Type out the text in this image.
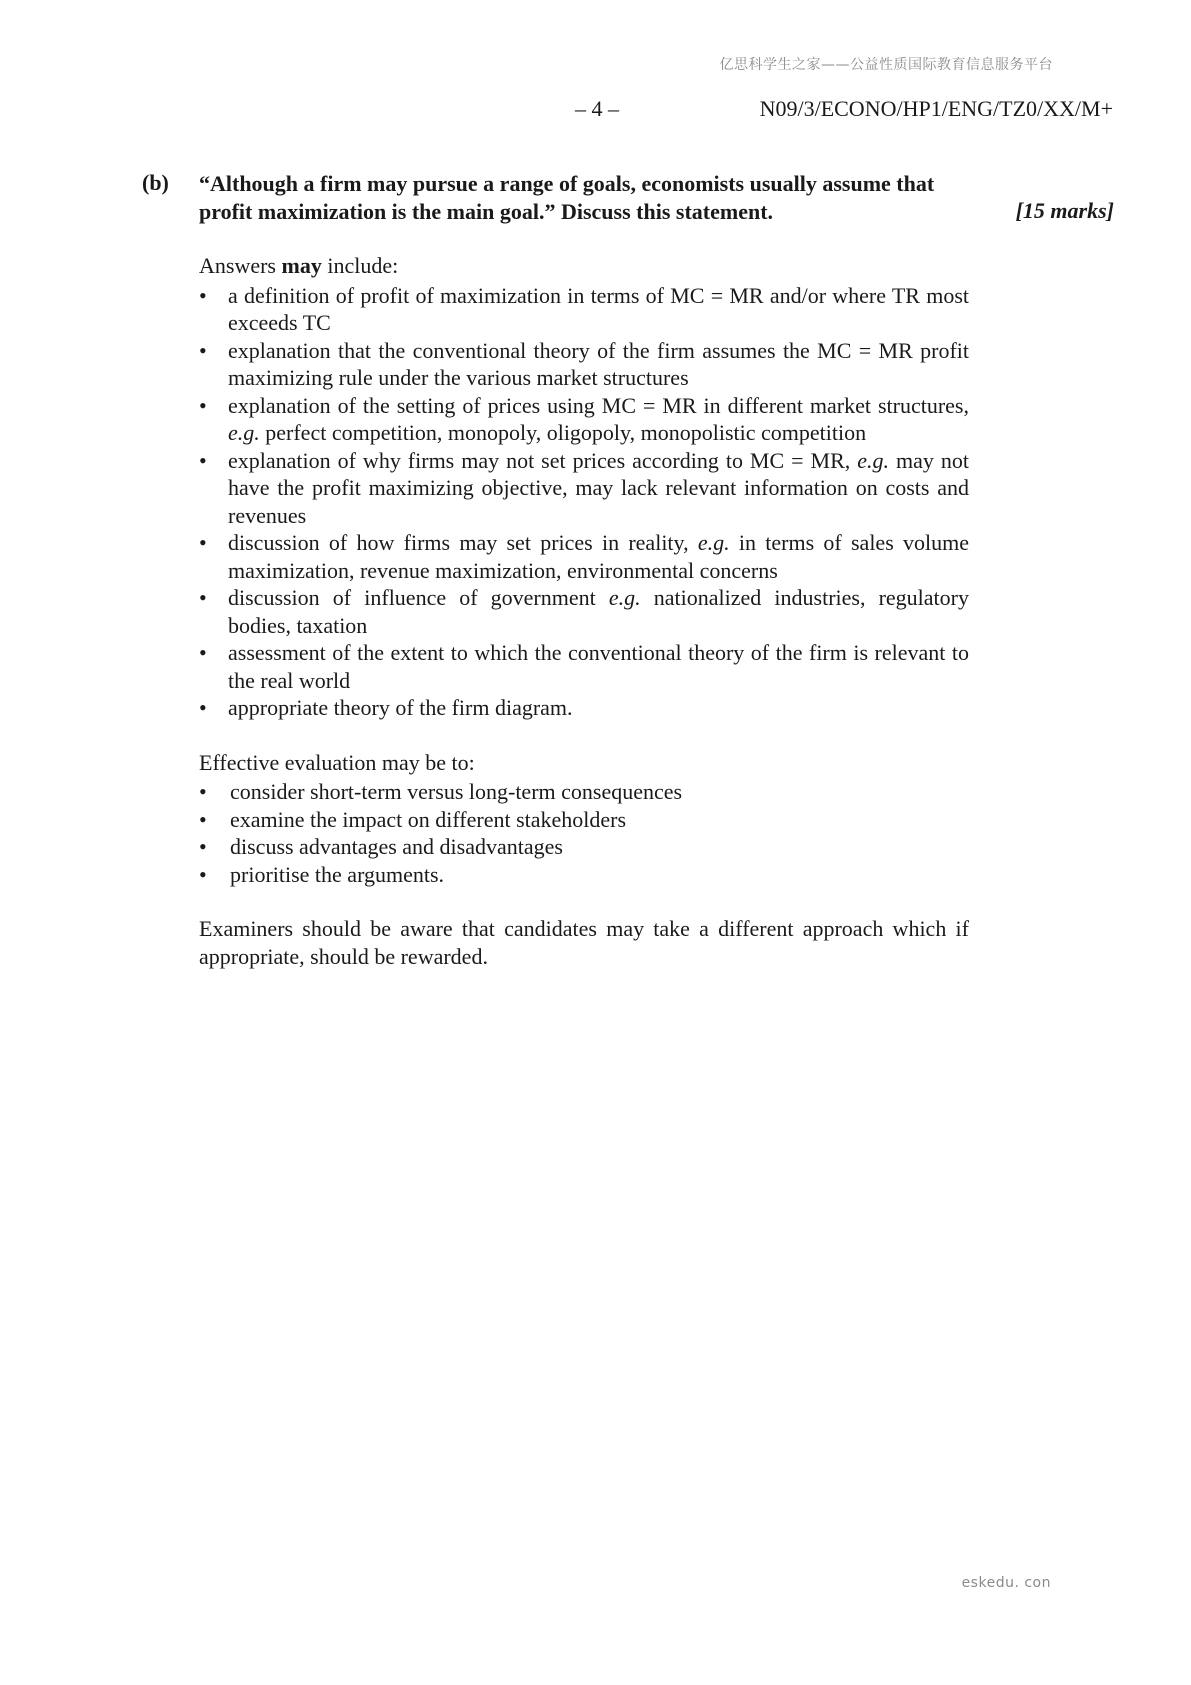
亿思科学生之家——公益性质国际教育信息服务平台
– 4 –	N09/3/ECONO/HP1/ENG/TZ0/XX/M+
(b) “Although a firm may pursue a range of goals, economists usually assume that profit maximization is the main goal.” Discuss this statement.	[15 marks]

Answers may include:

• a definition of profit of maximization in terms of MC = MR and/or where TR most exceeds TC
• explanation that the conventional theory of the firm assumes the MC = MR profit maximizing rule under the various market structures
• explanation of the setting of prices using MC = MR in different market structures, e.g. perfect competition, monopoly, oligopoly, monopolistic competition
• explanation of why firms may not set prices according to MC = MR, e.g. may not have the profit maximizing objective, may lack relevant information on costs and revenues
• discussion of how firms may set prices in reality, e.g. in terms of sales volume maximization, revenue maximization, environmental concerns
• discussion of influence of government e.g. nationalized industries, regulatory bodies, taxation
• assessment of the extent to which the conventional theory of the firm is relevant to the real world
• appropriate theory of the firm diagram.

Effective evaluation may be to:

• consider short-term versus long-term consequences
• examine the impact on different stakeholders
• discuss advantages and disadvantages
• prioritise the arguments.

Examiners should be aware that candidates may take a different approach which if appropriate, should be rewarded.

eskedu. con
